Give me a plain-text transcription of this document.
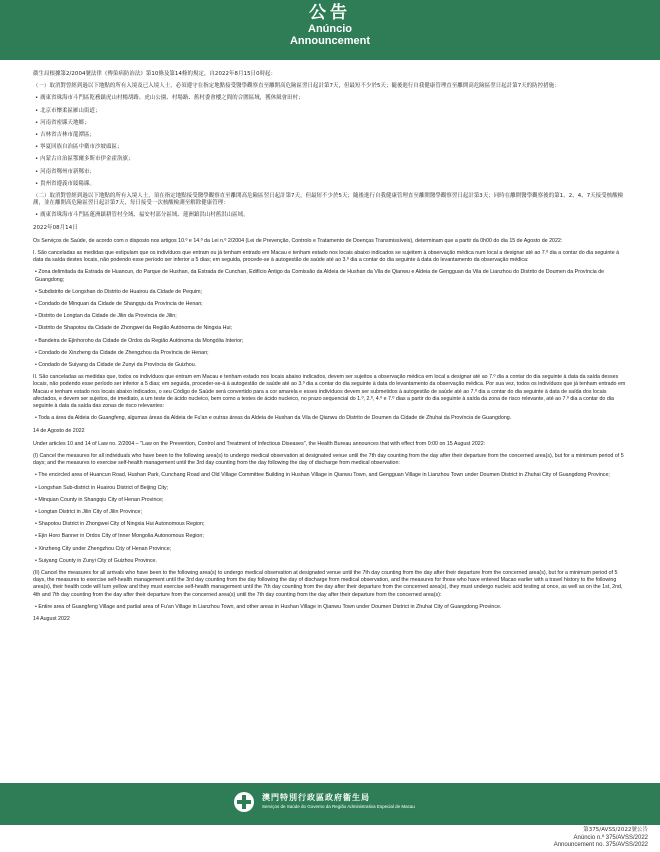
公告
Anúncio
Announcement

衞生局根據第2/2004號法律《傳染病防治法》第10條及第14條的規定，自2022年8月15日0時起：

（一）取消對曾經到過以下地點的所有入境及已入境人士，必須遵守在指定地點接受醫學觀察直至離開高危險區翌日起計第7天，但最短不少於5天；隨後進行自我健康管理直至離開高危險區翌日起計第7天的防控措施：

• 廣東省珠海市斗門區乾務鎮虎山村楊胡路、虎山公園、村場路、舊村委會樓之間的合圍區域，獲休級會田村；

• 北京市懷柔區雁山街道；

• 河南省密縣天地鄉；

• 吉林省吉林市龍潭區；

• 寧夏回族自治區中衛市沙坡頭區；

• 內蒙古自治區鄂爾多斯市伊金霍洛旗；

• 河南省鄭州市新鄭市；

• 貴州省遵義市綏陽縣。

（二）取消對曾經到過以下地點的所有入境人士，須在指定地點接受醫學觀察直至離開高危險區翌日起計第7天，但最短不少於5天；隨後進行自我健康管理直至離開醫學觀察翌日起計第3天；同時在離開醫學觀察後的第1、2、4、7天接受核酸檢測，並在離開高危險區翌日起計第7天，每日接受一次核酸檢測至解除健康管理：

• 廣東省珠海市斗門區蓮洲鎮耕管村全域、福安村部分區域、蓮洲鎮洪山村舊洪山區域。

2022年08月14日

Os Serviços de Saúde, de acordo com o disposto nos artigos 10.º e 14.º da Lei n.º 2/2004 (Lei de Prevenção, Controlo e Tratamento de Doenças Transmissíveis), determinam que a partir da 0h00 do dia 15 de Agosto de 2022:

I. São canceladas as medidas que estipulam que os indivíduos que entram ou já tenham entrado em Macau e tenham estado nos locais abaixo indicados se sujeitem à observação médica num local a designar até ao 7.º dia a contar do dia seguinte à data da saída destes locais, não podendo esse período ser inferior a 5 dias; em seguida, procede-se à autogestão de saúde até ao 3.º dia a contar do dia seguinte à data do levantamento da observação médica:

• Zona delimitada da Estrada de Huancun, do Parque de Hushan, da Estrada de Cunchan, Edifício Antigo da Comissão da Aldeia de Hushan da Vila de Qianwu e Aldeia de Gengguan da Vila de Lianzhou do Distrito de Doumen da Província de Guangdong;

• Subdistrito de Longshan do Distrito de Huairou da Cidade de Pequim;

• Condado de Minquan da Cidade de Shangqiu da Província de Henan;

• Distrito de Longtan da Cidade de Jilin da Província de Jilin;

• Distrito de Shapotou da Cidade de Zhongwei da Região Autónoma de Ningxia Hui;

• Bandeira de Ejinhoroho da Cidade de Ordos da Região Autónoma da Mongólia Interior;

• Condado de Xinzheng da Cidade de Zhengzhou da Província de Henan;

• Condado de Suiyang da Cidade de Zunyi da Província de Guizhou.

II. São canceladas as medidas que, todos os indivíduos que entram em Macau e tenham estado nos locais abaixo indicados, devem ser sujeitos a observação médica em local a designar até ao 7.º dia a contar do dia seguinte à data da saída desses locais, não podendo esse período ser inferior a 5 dias; em seguida, proceder-se-á à autogestão de saúde até ao 3.º dia a contar do dia seguinte à data do levantamento da observação médica. Por sua vez, todos os indivíduos que já tenham entrado em Macau e tenham estado nos locais abaixo indicados, o seu Código de Saúde será convertido para a cor amarela e esses indivíduos devem ser submetidos à autogestão de saúde até ao 7.º dia a contar do dia seguinte à data de saída dos locais afectados, e devem ser sujeitos, de imediato, a um teste de ácido nucleico, bem como a testes de ácido nucleico, no prazo sequencial do 1.º, 2.º, 4.º e 7.º dias a partir do dia seguinte à saída da zona de risco relevante, até ao 7.º dia a contar do dia seguinte à data da saída das zonas de risco relevantes:

• Toda a área da Aldeia do Guangfeng, algumas áreas da Aldeia de Fu'an e outras áreas da Aldeia de Hushan da Vila de Qianwu do Distrito de Doumen da Cidade de Zhuhai da Província de Guangdong.

14 de Agosto de 2022

Under articles 10 and 14 of Law no. 2/2004 – "Law on the Prevention, Control and Treatment of Infectious Diseases", the Health Bureau announces that with effect from 0:00 on 15 August 2022:

(I) Cancel the measures for all individuals who have been to the following area(s) to undergo medical observation at designated venue until the 7th day counting from the day after their departure from the concerned area(s), but for a minimum period of 5 days; and the measures to exercise self-health management until the 3rd day counting from the day following the day of discharge from medical observation:

• The encircled area of Huancun Road, Hushan Park, Cunchang Road and Old Village Committee Building in Hushan Village in Qianwu Town, and Gengguan Village in Lianzhou Town under Doumen District in Zhuhai City of Guangdong Province;

• Longshan Sub-district in Huairou District of Beijing City;

• Minquan County in Shangqiu City of Henan Province;

• Longtan District in Jilin City of Jilin Province;

• Shapotou District in Zhongwei City of Ningxia Hui Autonomous Region;

• Ejin Horo Banner in Ordos City of Inner Mongolia Autonomous Region;

• Xinzheng City under Zhengzhou City of Henan Province;

• Suiyang County in Zunyi City of Guizhou Province.

(II) Cancel the measures for all arrivals who have been to the following area(s) to undergo medical observation at designated venue until the 7th day counting from the day after their departure from the concerned area(s), but for a minimum period of 5 days, the measures to exercise self-health management until the 3rd day counting from the day following the day of discharge from medical observation, and the measures for those who have entered Macao earlier with a travel history to the following area(s), their health code will turn yellow and they must exercise self-health management until the 7th day counting from the day after their departure from the concerned area(s), they must undergo nucleic acid testing at once, as well as on the 1st, 2nd, 4th and 7th day counting from the day after their departure from the concerned area(s) until the 7th day counting from the day after their departure from the concerned area(s):

• Entire area of Guangfeng Village and partial area of Fu'an Village in Lianzhou Town, and other areas in Hushan Village in Qianwu Town under Doumen District in Zhuhai City of Guangdong Province.

14 August 2022

澳門特別行政區政府衞生局
Serviços de Saúde do Governo da Região Administrativa Especial de Macau
第375/AVSS/2022號公告
Anúncio n.º 375/AVSS/2022
Announcement no. 375/AVSS/2022
